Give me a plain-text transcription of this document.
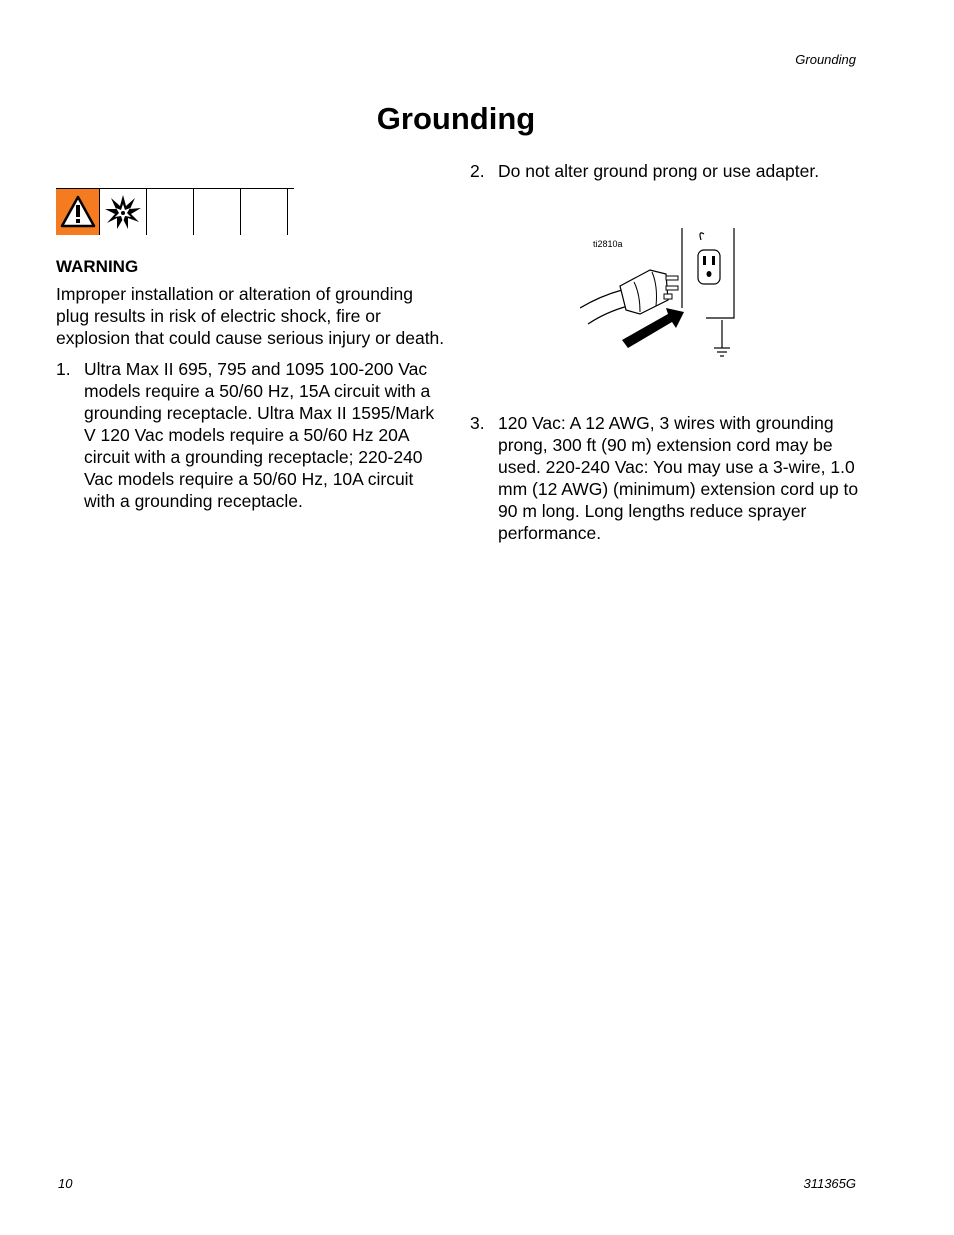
Grounding
Grounding
WARNING

Improper installation or alteration of grounding plug results in risk of electric shock, fire or explosion that could cause serious injury or death.

1. Ultra Max II 695, 795 and 1095 100-200 Vac models require a 50/60 Hz, 15A circuit with a grounding receptacle. Ultra Max II 1595/Mark V 120 Vac models require a 50/60 Hz 20A circuit with a grounding receptacle; 220-240 Vac models require a 50/60 Hz, 10A circuit with a grounding receptacle.
2. Do not alter ground prong or use adapter.
ti2810a
3. 120 Vac: A 12 AWG, 3 wires with grounding prong, 300 ft (90 m) extension cord may be used. 220-240 Vac: You may use a 3-wire, 1.0 mm (12 AWG) (minimum) extension cord up to 90 m long. Long lengths reduce sprayer performance.
10	311365G
